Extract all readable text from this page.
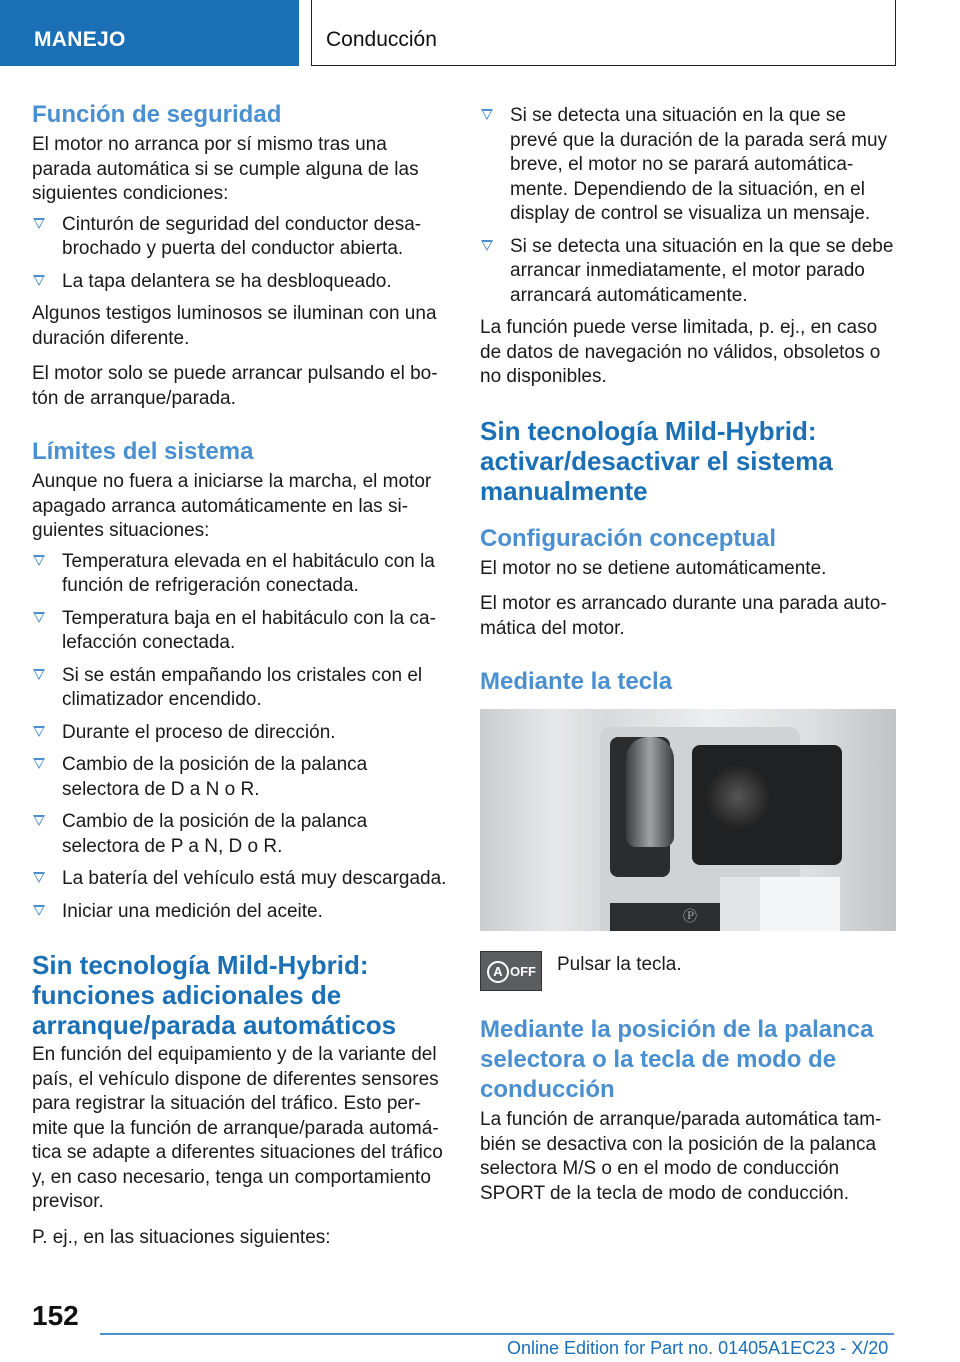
MANEJO	Conducción
Función de seguridad

El motor no arranca por sí mismo tras una parada automática si se cumple alguna de las siguientes condiciones:

Cinturón de seguridad del conductor desabrochado y puerta del conductor abierta.
La tapa delantera se ha desbloqueado.

Algunos testigos luminosos se iluminan con una duración diferente.

El motor solo se puede arrancar pulsando el botón de arranque/parada.

Límites del sistema

Aunque no fuera a iniciarse la marcha, el motor apagado arranca automáticamente en las siguientes situaciones:

Temperatura elevada en el habitáculo con la función de refrigeración conectada.
Temperatura baja en el habitáculo con la calefacción conectada.
Si se están empañando los cristales con el climatizador encendido.
Durante el proceso de dirección.
Cambio de la posición de la palanca selectora de D a N o R.
Cambio de la posición de la palanca selectora de P a N, D o R.
La batería del vehículo está muy descargada.
Iniciar una medición del aceite.
Sin tecnología Mild-Hybrid: funciones adicionales de arranque/parada automáticos

En función del equipamiento y de la variante del país, el vehículo dispone de diferentes sensores para registrar la situación del tráfico. Esto permite que la función de arranque/parada automática se adapte a diferentes situaciones del tráfico y, en caso necesario, tenga un comportamiento previsor.

P. ej., en las situaciones siguientes:

Si se detecta una situación en la que se prevé que la duración de la parada será muy breve, el motor no se parará automáticamente. Dependiendo de la situación, en el display de control se visualiza un mensaje.
Si se detecta una situación en la que se debe arrancar inmediatamente, el motor parado arrancará automáticamente.

La función puede verse limitada, p. ej., en caso de datos de navegación no válidos, obsoletos o no disponibles.

Sin tecnología Mild-Hybrid: activar/desactivar el sistema manualmente
Configuración conceptual

El motor no se detiene automáticamente.

El motor es arrancado durante una parada automática del motor.

Mediante la tecla
Ⓟ
A OFF Pulsar la tecla.
Mediante la posición de la palanca selectora o la tecla de modo de conducción

La función de arranque/parada automática también se desactiva con la posición de la palanca selectora M/S o en el modo de conducción SPORT de la tecla de modo de conducción.

152
Online Edition for Part no. 01405A1EC23 - X/20
